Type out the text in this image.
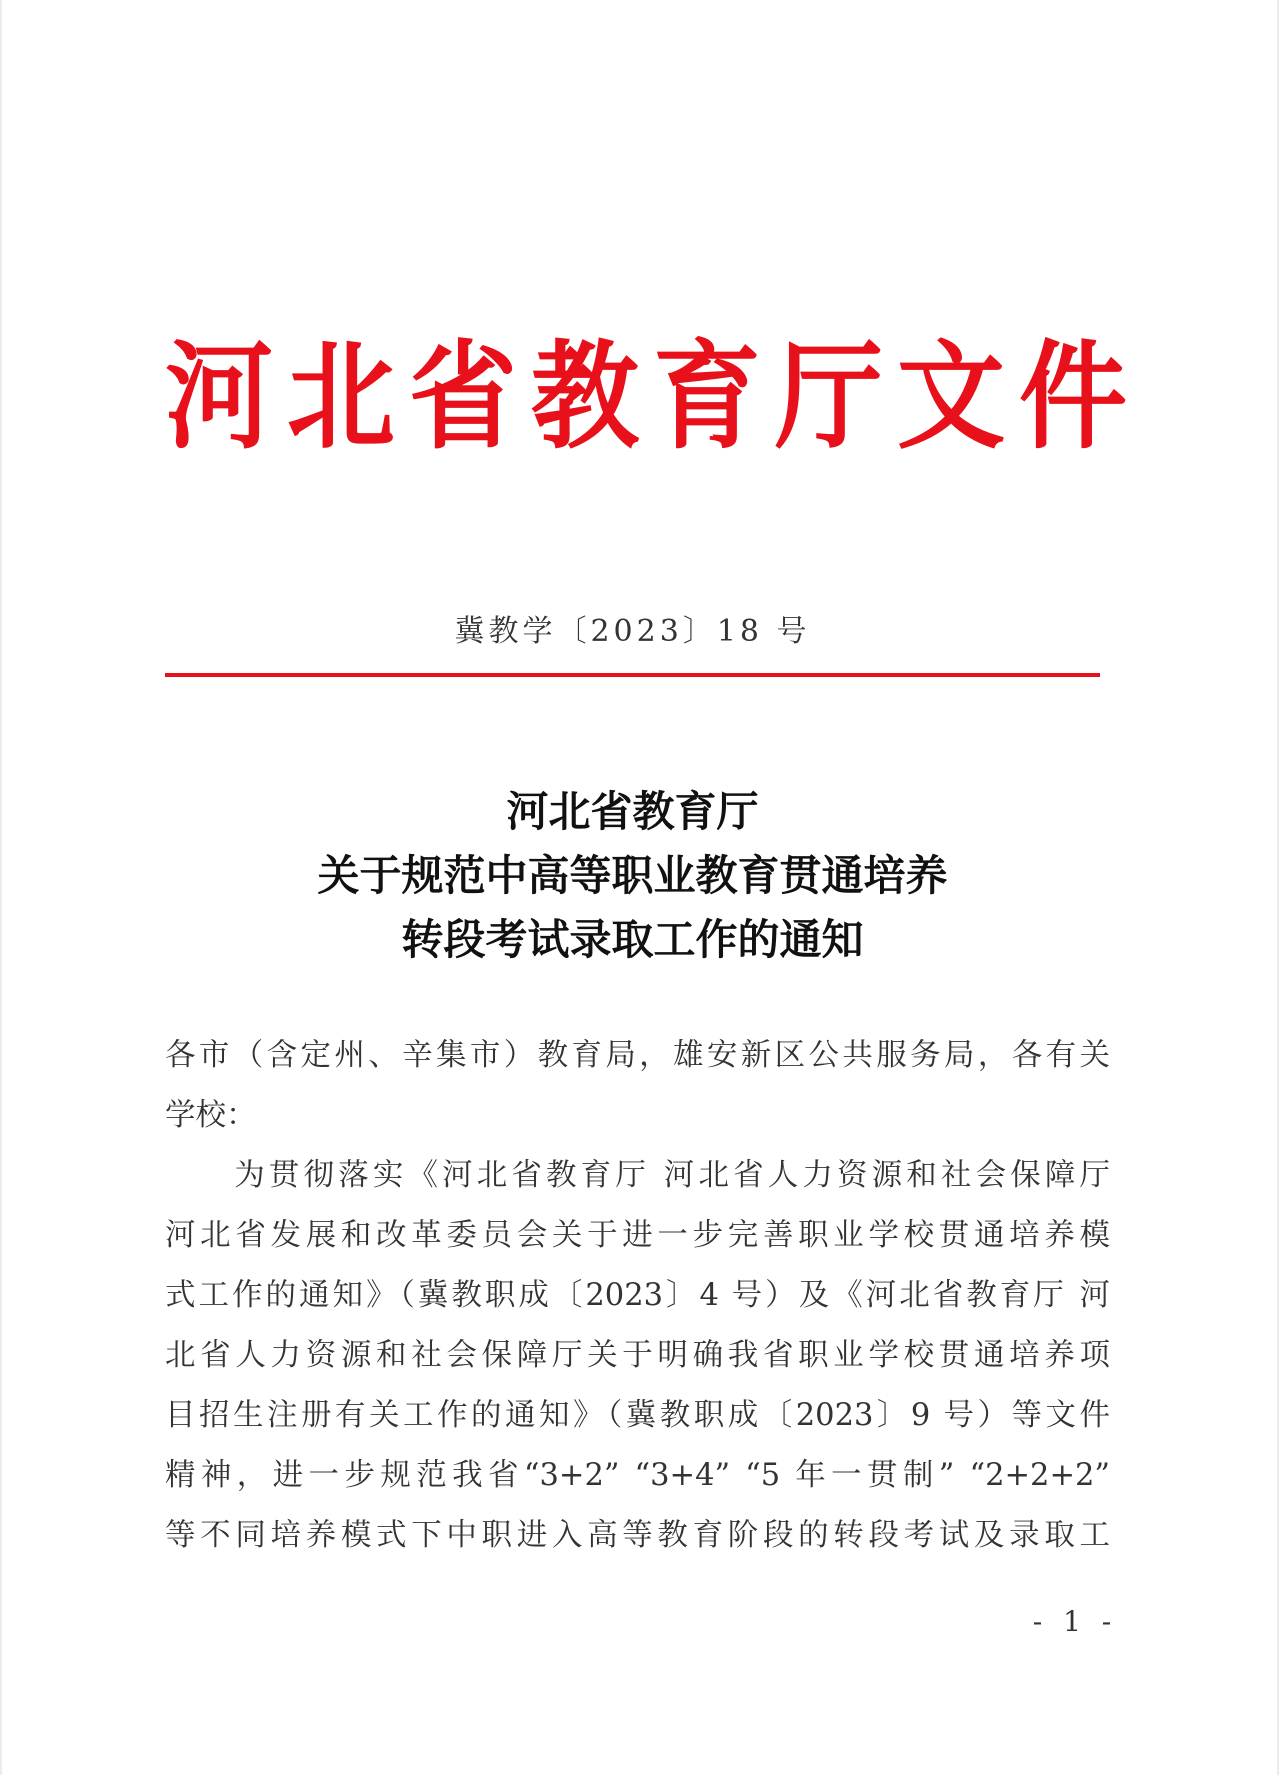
河北省教育厅文件
冀教学〔2023〕18 号
河北省教育厅
关于规范中高等职业教育贯通培养
转段考试录取工作的通知
各市（含定州、辛集市）教育局，雄安新区公共服务局，各有关
学校：
　　为贯彻落实《河北省教育厅 河北省人力资源和社会保障厅
河北省发展和改革委员会关于进一步完善职业学校贯通培养模
式工作的通知》（冀教职成〔2023〕4 号）及《河北省教育厅 河
北省人力资源和社会保障厅关于明确我省职业学校贯通培养项
目招生注册有关工作的通知》（冀教职成〔2023〕9 号）等文件
精神，进一步规范我省“3+2” “3+4” “5 年一贯制” “2+2+2”
等不同培养模式下中职进入高等教育阶段的转段考试及录取工
- 1 -
